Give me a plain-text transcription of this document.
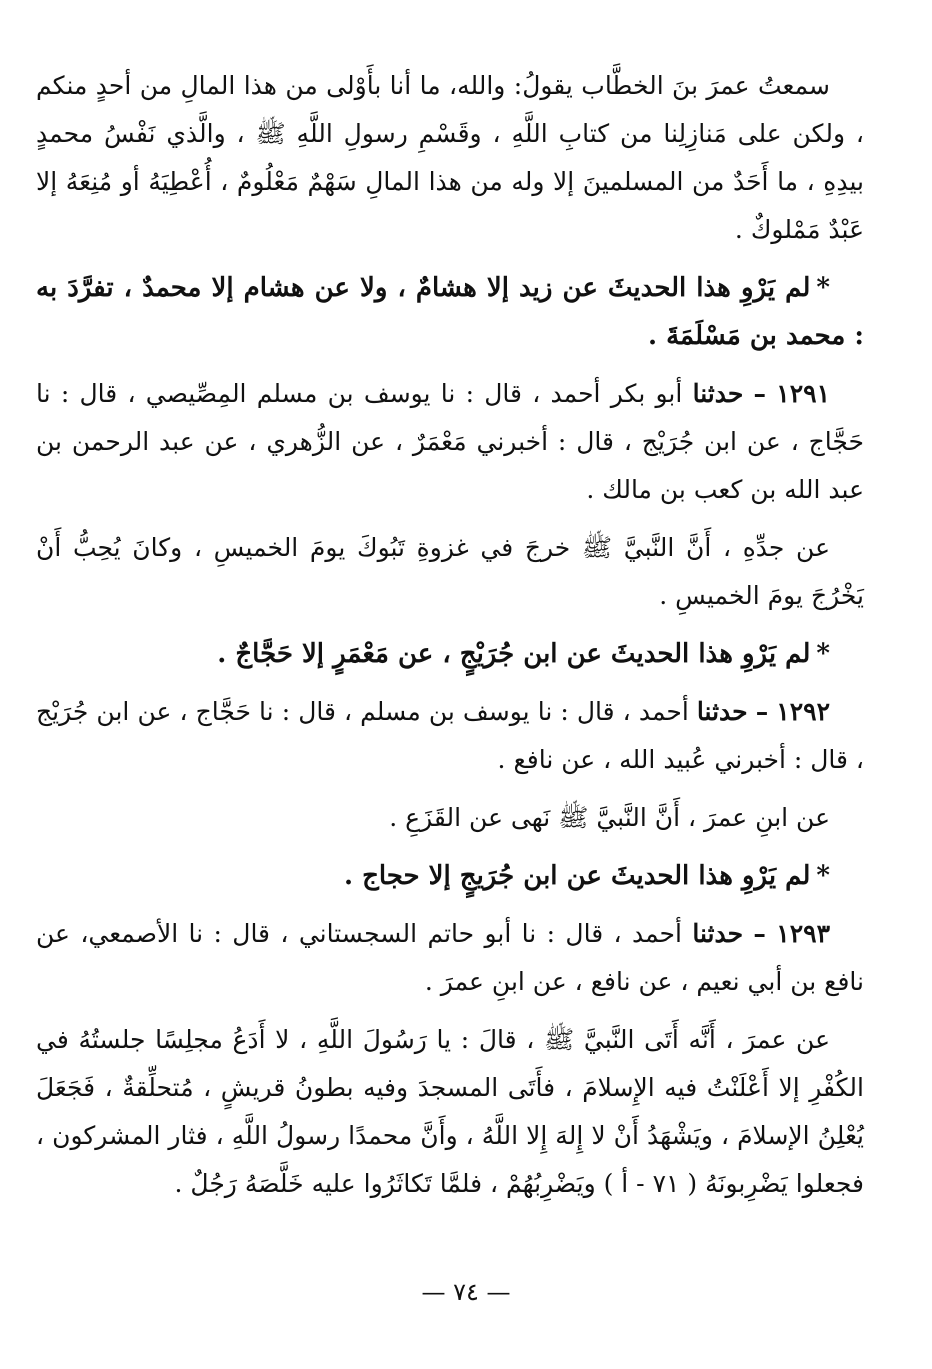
سمعتُ عمرَ بنَ الخطَّاب يقولُ: والله، ما أنا بأَوْلى من هذا المالِ من أحدٍ منكم ، ولكن على مَنازِلِنا من كتابِ اللَّهِ ، وقَسْمِ رسولِ اللَّهِ ﷺ ، والَّذي نَفْسُ محمدٍ بيدِهِ ، ما أَحَدٌ من المسلمينَ إلا وله من هذا المالِ سَهْمٌ مَعْلُومٌ ، أُعْطِيَهُ أو مُنِعَهُ إلا عَبْدٌ مَمْلوكٌ .

*لم يَرْوِ هذا الحديثَ عن زيد إلا هشامٌ ، ولا عن هشام إلا محمدٌ ، تفرَّدَ به : محمد بن مَسْلَمَةَ .

١٢٩١ – حدثنا أبو بكر أحمد ، قال : نا يوسف بن مسلم المِصِّيصي ، قال : نا حَجَّاج ، عن ابن جُرَيْج ، قال : أخبرني مَعْمَرٌ ، عن الزُّهري ، عن عبد الرحمن بن عبد الله بن كعب بن مالك .

عن جدِّهِ ، أَنَّ النَّبيَّ ﷺ خرجَ في غزوةِ تَبُوكَ يومَ الخميسِ ، وكانَ يُحِبُّ أَنْ يَخْرُجَ يومَ الخميسِ .

*لم يَرْوِ هذا الحديثَ عن ابن جُرَيْجٍ ، عن مَعْمَرٍ إلا حَجَّاجٌ .

١٢٩٢ – حدثنا أحمد ، قال : نا يوسف بن مسلم ، قال : نا حَجَّاج ، عن ابن جُرَيْج ، قال : أخبرني عُبيد الله ، عن نافع .

عن ابنِ عمرَ ، أَنَّ النَّبيَّ ﷺ نَهى عن القَزَعِ .

*لم يَرْوِ هذا الحديثَ عن ابن جُرَيجٍ إلا حجاج .

١٢٩٣ – حدثنا أحمد ، قال : نا أبو حاتم السجستاني ، قال : نا الأصمعي، عن نافع بن أبي نعيم ، عن نافع ، عن ابنِ عمرَ .

عن عمرَ ، أَنَّه أَتَى النَّبيَّ ﷺ ، قالَ : يا رَسُولَ اللَّهِ ، لا أَدَعُ مجلِسًا جلستُهُ في الكُفْرِ إلا أَعْلَنْتُ فيه الإِسلامَ ، فأَتَى المسجدَ وفيه بطونُ قريشٍ ، مُتحلِّقةٌ ، فَجَعَلَ يُعْلِنُ الإسلامَ ، ويَشْهَدُ أَنْ لا إِلهَ إِلا اللَّهُ ، وأَنَّ محمدًا رسولُ اللَّهِ ، فثار المشركون ، فجعلوا يَضْرِبونَهُ ( ٧١ - أ ) ويَضْرِبُهُمْ ، فلمَّا تَكاثَرُوا عليه خَلَّصَهُ رَجُلٌ .

— ٧٤ —
